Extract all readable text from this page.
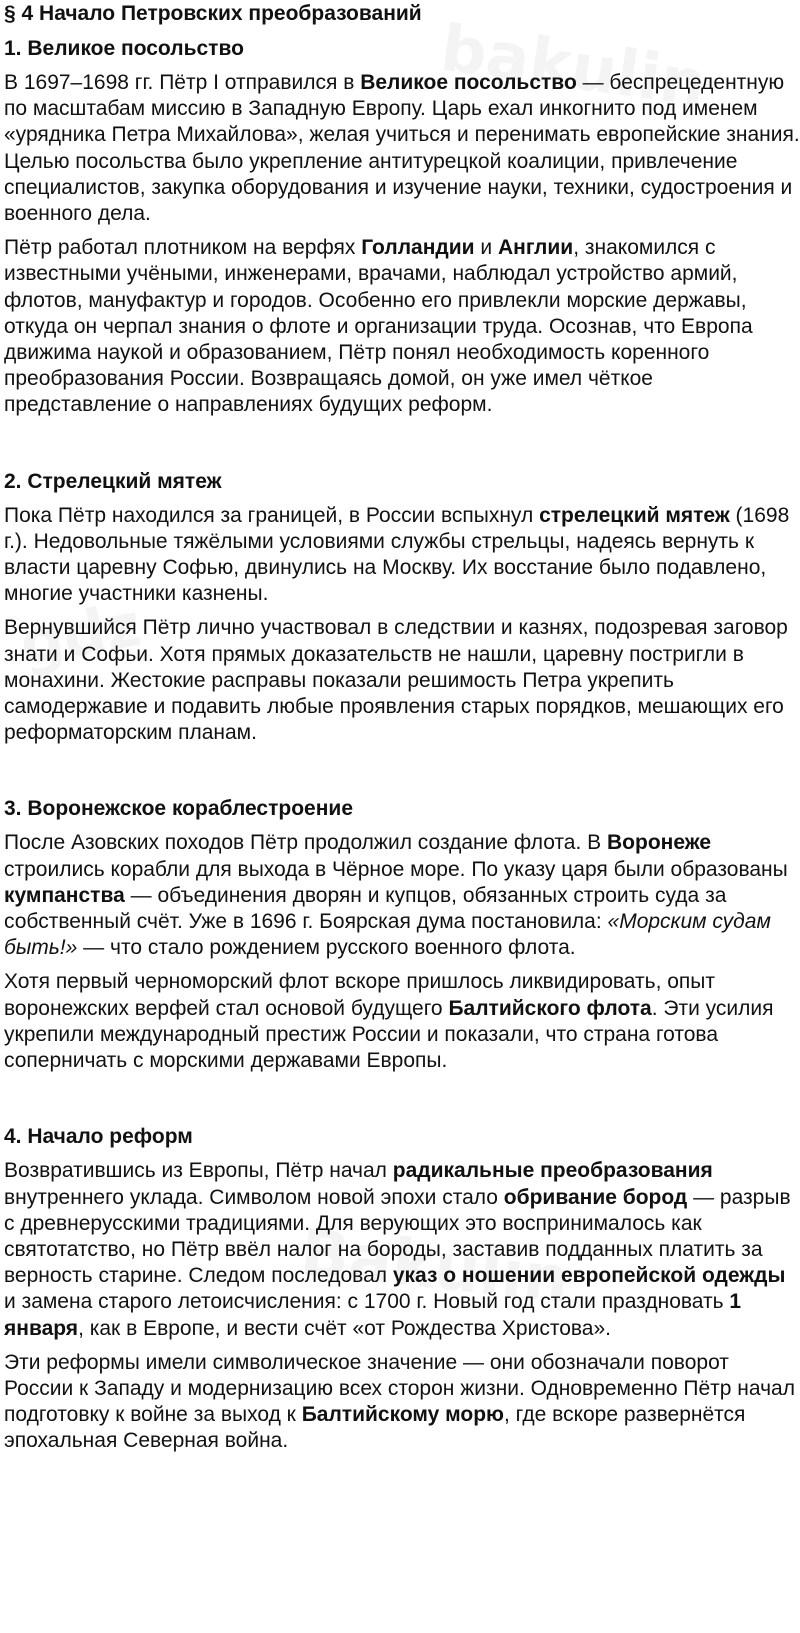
§ 4 Начало Петровских преобразований
1. Великое посольство

В 1697–1698 гг. Пётр I отправился в Великое посольство — беспрецедентную по масштабам миссию в Западную Европу. Царь ехал инкогнито под именем «урядника Петра Михайлова», желая учиться и перенимать европейские знания. Целью посольства было укрепление антитурецкой коалиции, привлечение специалистов, закупка оборудования и изучение науки, техники, судостроения и военного дела.

Пётр работал плотником на верфях Голландии и Англии, знакомился с известными учёными, инженерами, врачами, наблюдал устройство армий, флотов, мануфактур и городов. Особенно его привлекли морские державы, откуда он черпал знания о флоте и организации труда. Осознав, что Европа движима наукой и образованием, Пётр понял необходимость коренного преобразования России. Возвращаясь домой, он уже имел чёткое представление о направлениях будущих реформ.

2. Стрелецкий мятеж

Пока Пётр находился за границей, в России вспыхнул стрелецкий мятеж (1698 г.). Недовольные тяжёлыми условиями службы стрельцы, надеясь вернуть к власти царевну Софью, двинулись на Москву. Их восстание было подавлено, многие участники казнены.

Вернувшийся Пётр лично участвовал в следствии и казнях, подозревая заговор знати и Софьи. Хотя прямых доказательств не нашли, царевну постригли в монахини. Жестокие расправы показали решимость Петра укрепить самодержавие и подавить любые проявления старых порядков, мешающих его реформаторским планам.

3. Воронежское кораблестроение

После Азовских походов Пётр продолжил создание флота. В Воронеже строились корабли для выхода в Чёрное море. По указу царя были образованы кумпанства — объединения дворян и купцов, обязанных строить суда за собственный счёт. Уже в 1696 г. Боярская дума постановила: «Морским судам быть!» — что стало рождением русского военного флота.

Хотя первый черноморский флот вскоре пришлось ликвидировать, опыт воронежских верфей стал основой будущего Балтийского флота. Эти усилия укрепили международный престиж России и показали, что страна готова соперничать с морскими державами Европы.

4. Начало реформ

Возвратившись из Европы, Пётр начал радикальные преобразования внутреннего уклада. Символом новой эпохи стало обривание бород — разрыв с древнерусскими традициями. Для верующих это воспринималось как святотатство, но Пётр ввёл налог на бороды, заставив подданных платить за верность старине. Следом последовал указ о ношении европейской одежды и замена старого летоисчисления: с 1700 г. Новый год стали праздновать 1 января, как в Европе, и вести счёт «от Рождества Христова».

Эти реформы имели символическое значение — они обозначали поворот России к Западу и модернизацию всех сторон жизни. Одновременно Пётр начал подготовку к войне за выход к Балтийскому морю, где вскоре развернётся эпохальная Северная война.
